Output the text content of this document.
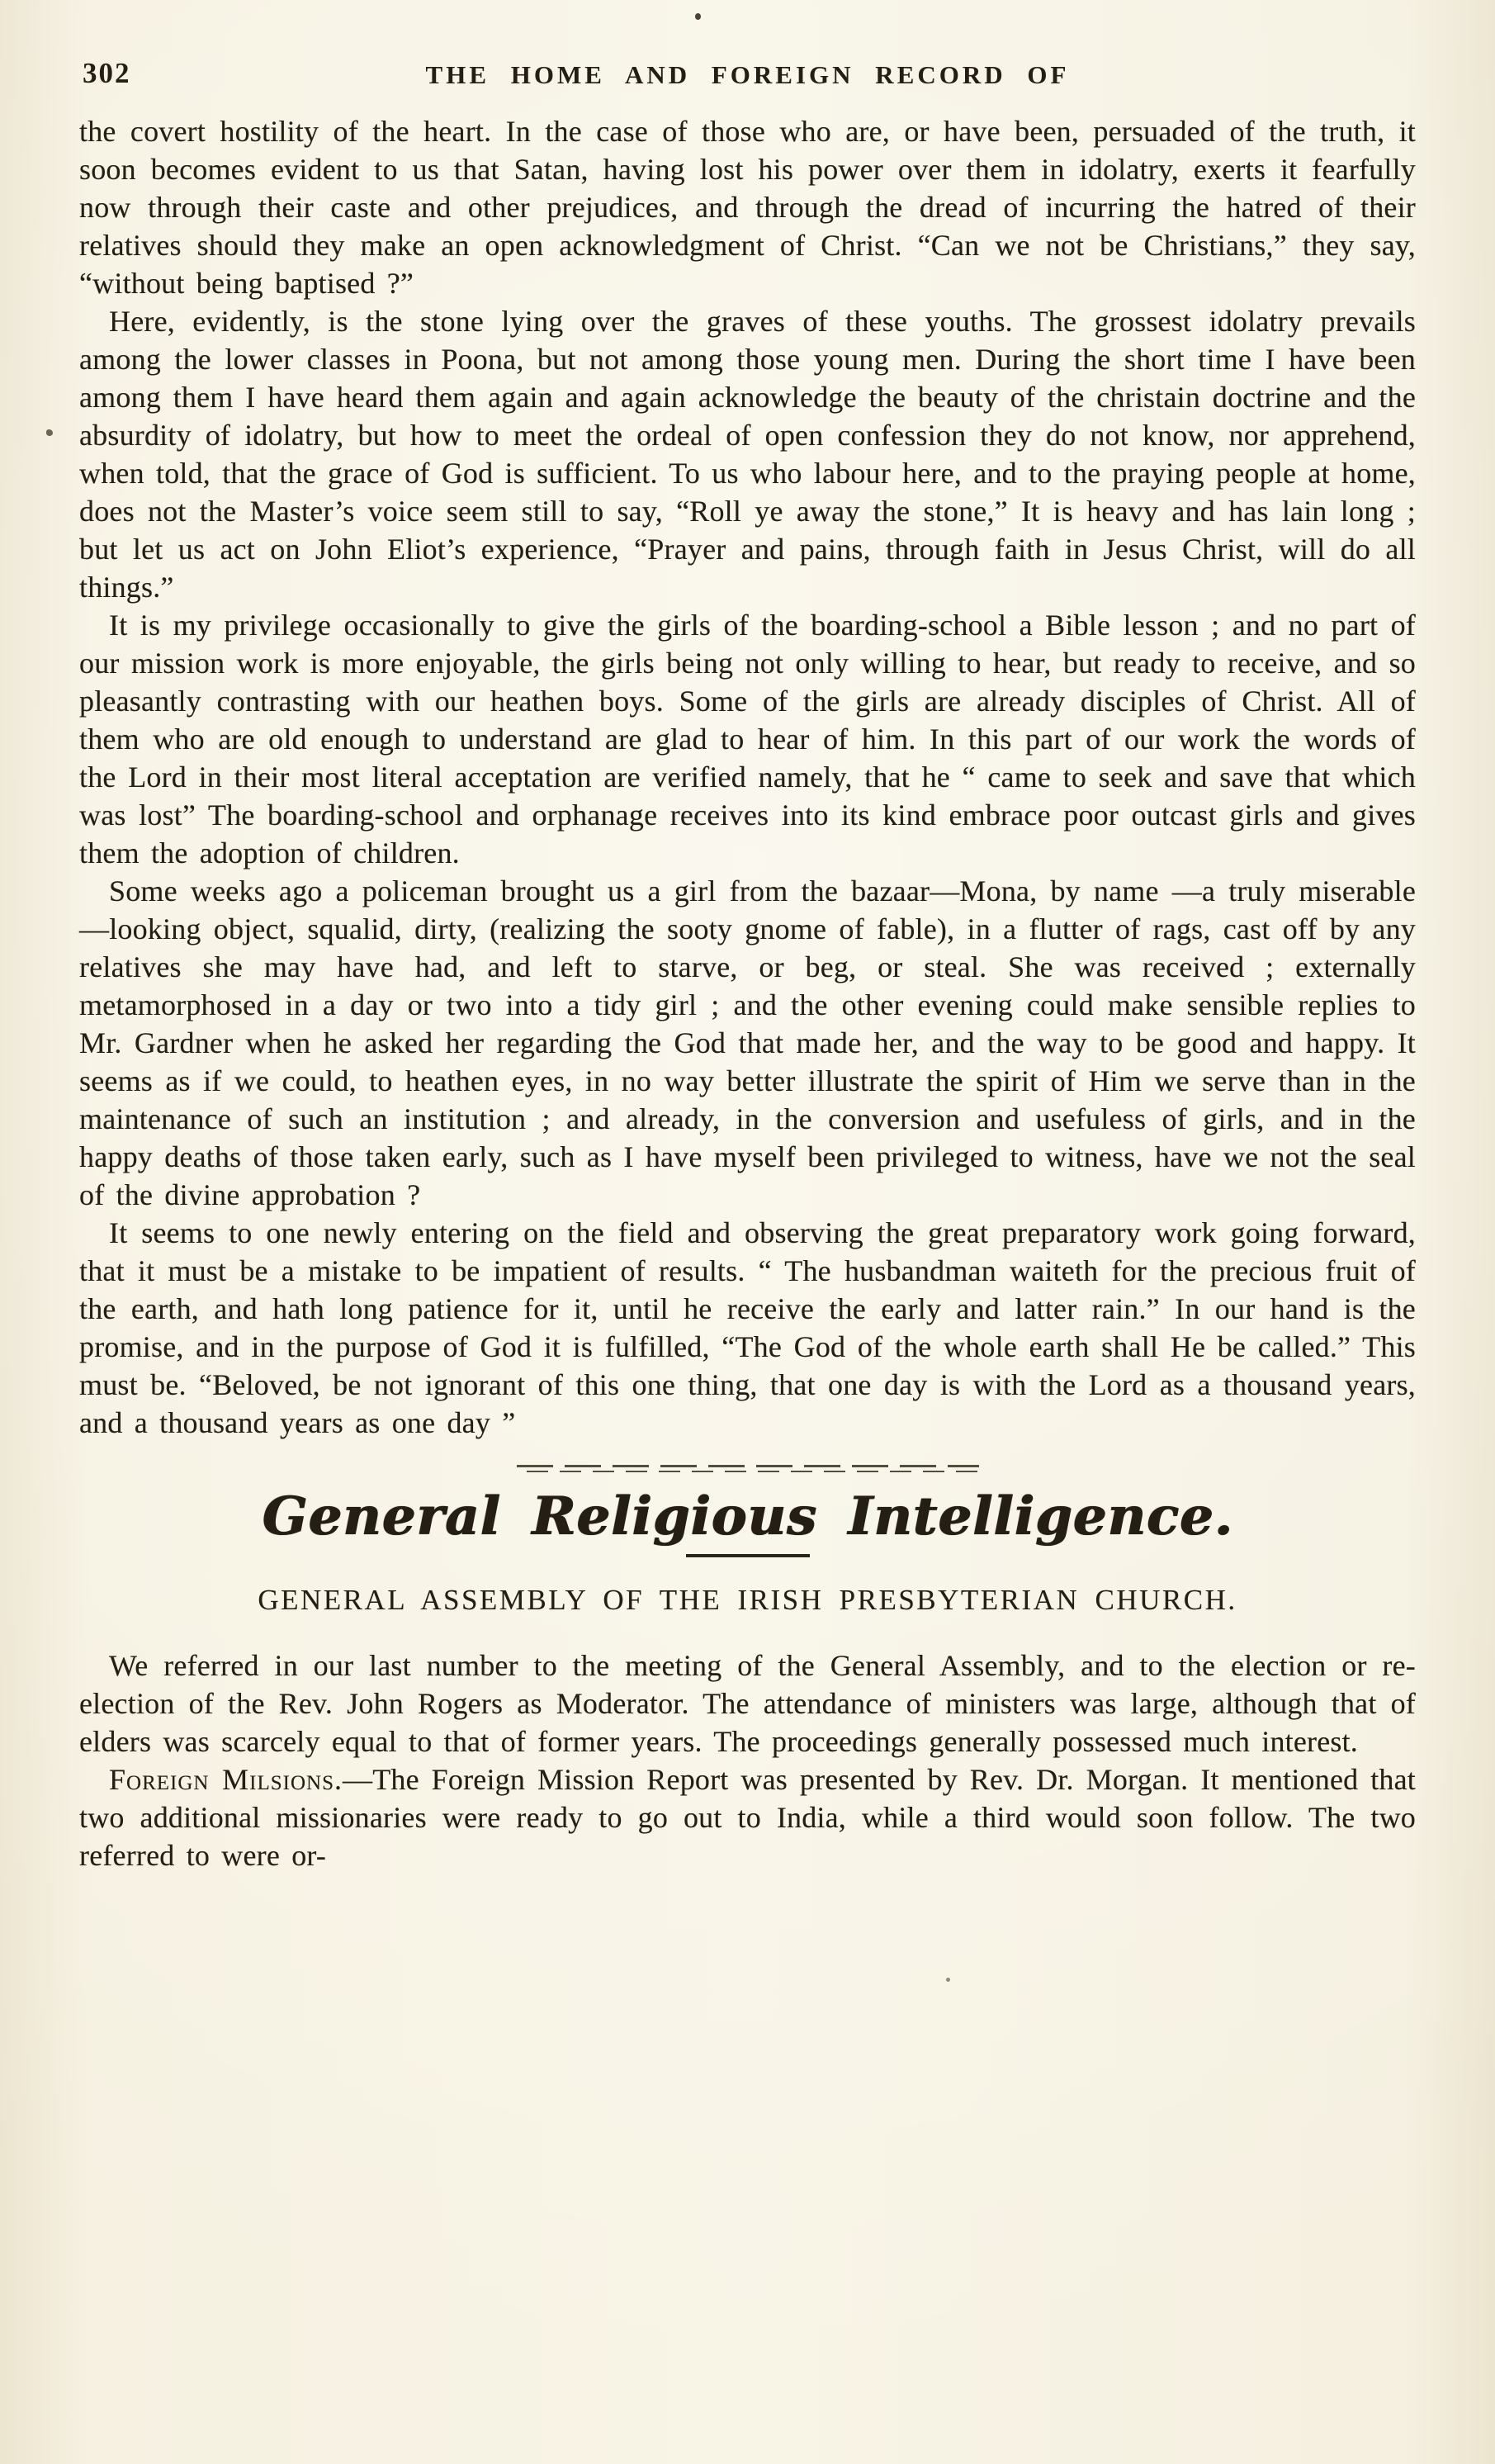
302	THE HOME AND FOREIGN RECORD OF

the covert hostility of the heart. In the case of those who are, or have been, persuaded of the truth, it soon becomes evident to us that Satan, having lost his power over them in idolatry, exerts it fearfully now through their caste and other prejudices, and through the dread of incurring the hatred of their relatives should they make an open acknowledgment of Christ. “Can we not be Christians,” they say, “without being baptised ?”

Here, evidently, is the stone lying over the graves of these youths. The grossest idolatry prevails among the lower classes in Poona, but not among those young men. During the short time I have been among them I have heard them again and again acknowledge the beauty of the christain doctrine and the absurdity of idolatry, but how to meet the ordeal of open confession they do not know, nor apprehend, when told, that the grace of God is sufficient. To us who labour here, and to the praying people at home, does not the Master’s voice seem still to say, “Roll ye away the stone,” It is heavy and has lain long ; but let us act on John Eliot’s experience, “Prayer and pains, through faith in Jesus Christ, will do all things.”

It is my privilege occasionally to give the girls of the boarding-school a Bible lesson ; and no part of our mission work is more enjoyable, the girls being not only willing to hear, but ready to receive, and so pleasantly contrasting with our heathen boys. Some of the girls are already disciples of Christ. All of them who are old enough to understand are glad to hear of him. In this part of our work the words of the Lord in their most literal acceptation are verified namely, that he “ came to seek and save that which was lost” The boarding-school and orphanage receives into its kind embrace poor outcast girls and gives them the adoption of children.

Some weeks ago a policeman brought us a girl from the bazaar—Mona, by name —a truly miserable—looking object, squalid, dirty, (realizing the sooty gnome of fable), in a flutter of rags, cast off by any relatives she may have had, and left to starve, or beg, or steal. She was received ; externally metamorphosed in a day or two into a tidy girl ; and the other evening could make sensible replies to Mr. Gardner when he asked her regarding the God that made her, and the way to be good and happy. It seems as if we could, to heathen eyes, in no way better illustrate the spirit of Him we serve than in the maintenance of such an institution ; and already, in the conversion and usefuless of girls, and in the happy deaths of those taken early, such as I have myself been privileged to witness, have we not the seal of the divine approbation ?

It seems to one newly entering on the field and observing the great preparatory work going forward, that it must be a mistake to be impatient of results. “ The husbandman waiteth for the precious fruit of the earth, and hath long patience for it, until he receive the early and latter rain.” In our hand is the promise, and in the purpose of God it is fulfilled, “The God of the whole earth shall He be called.” This must be. “Beloved, be not ignorant of this one thing, that one day is with the Lord as a thousand years, and a thousand years as one day ”

General Religious Intelligence.
GENERAL ASSEMBLY OF THE IRISH PRESBYTERIAN CHURCH.

We referred in our last number to the meeting of the General Assembly, and to the election or re-election of the Rev. John Rogers as Moderator. The attendance of ministers was large, although that of elders was scarcely equal to that of former years. The proceedings generally possessed much interest.

Foreign Milsions.—The Foreign Mission Report was presented by Rev. Dr. Morgan. It mentioned that two additional missionaries were ready to go out to India, while a third would soon follow. The two referred to were or-
